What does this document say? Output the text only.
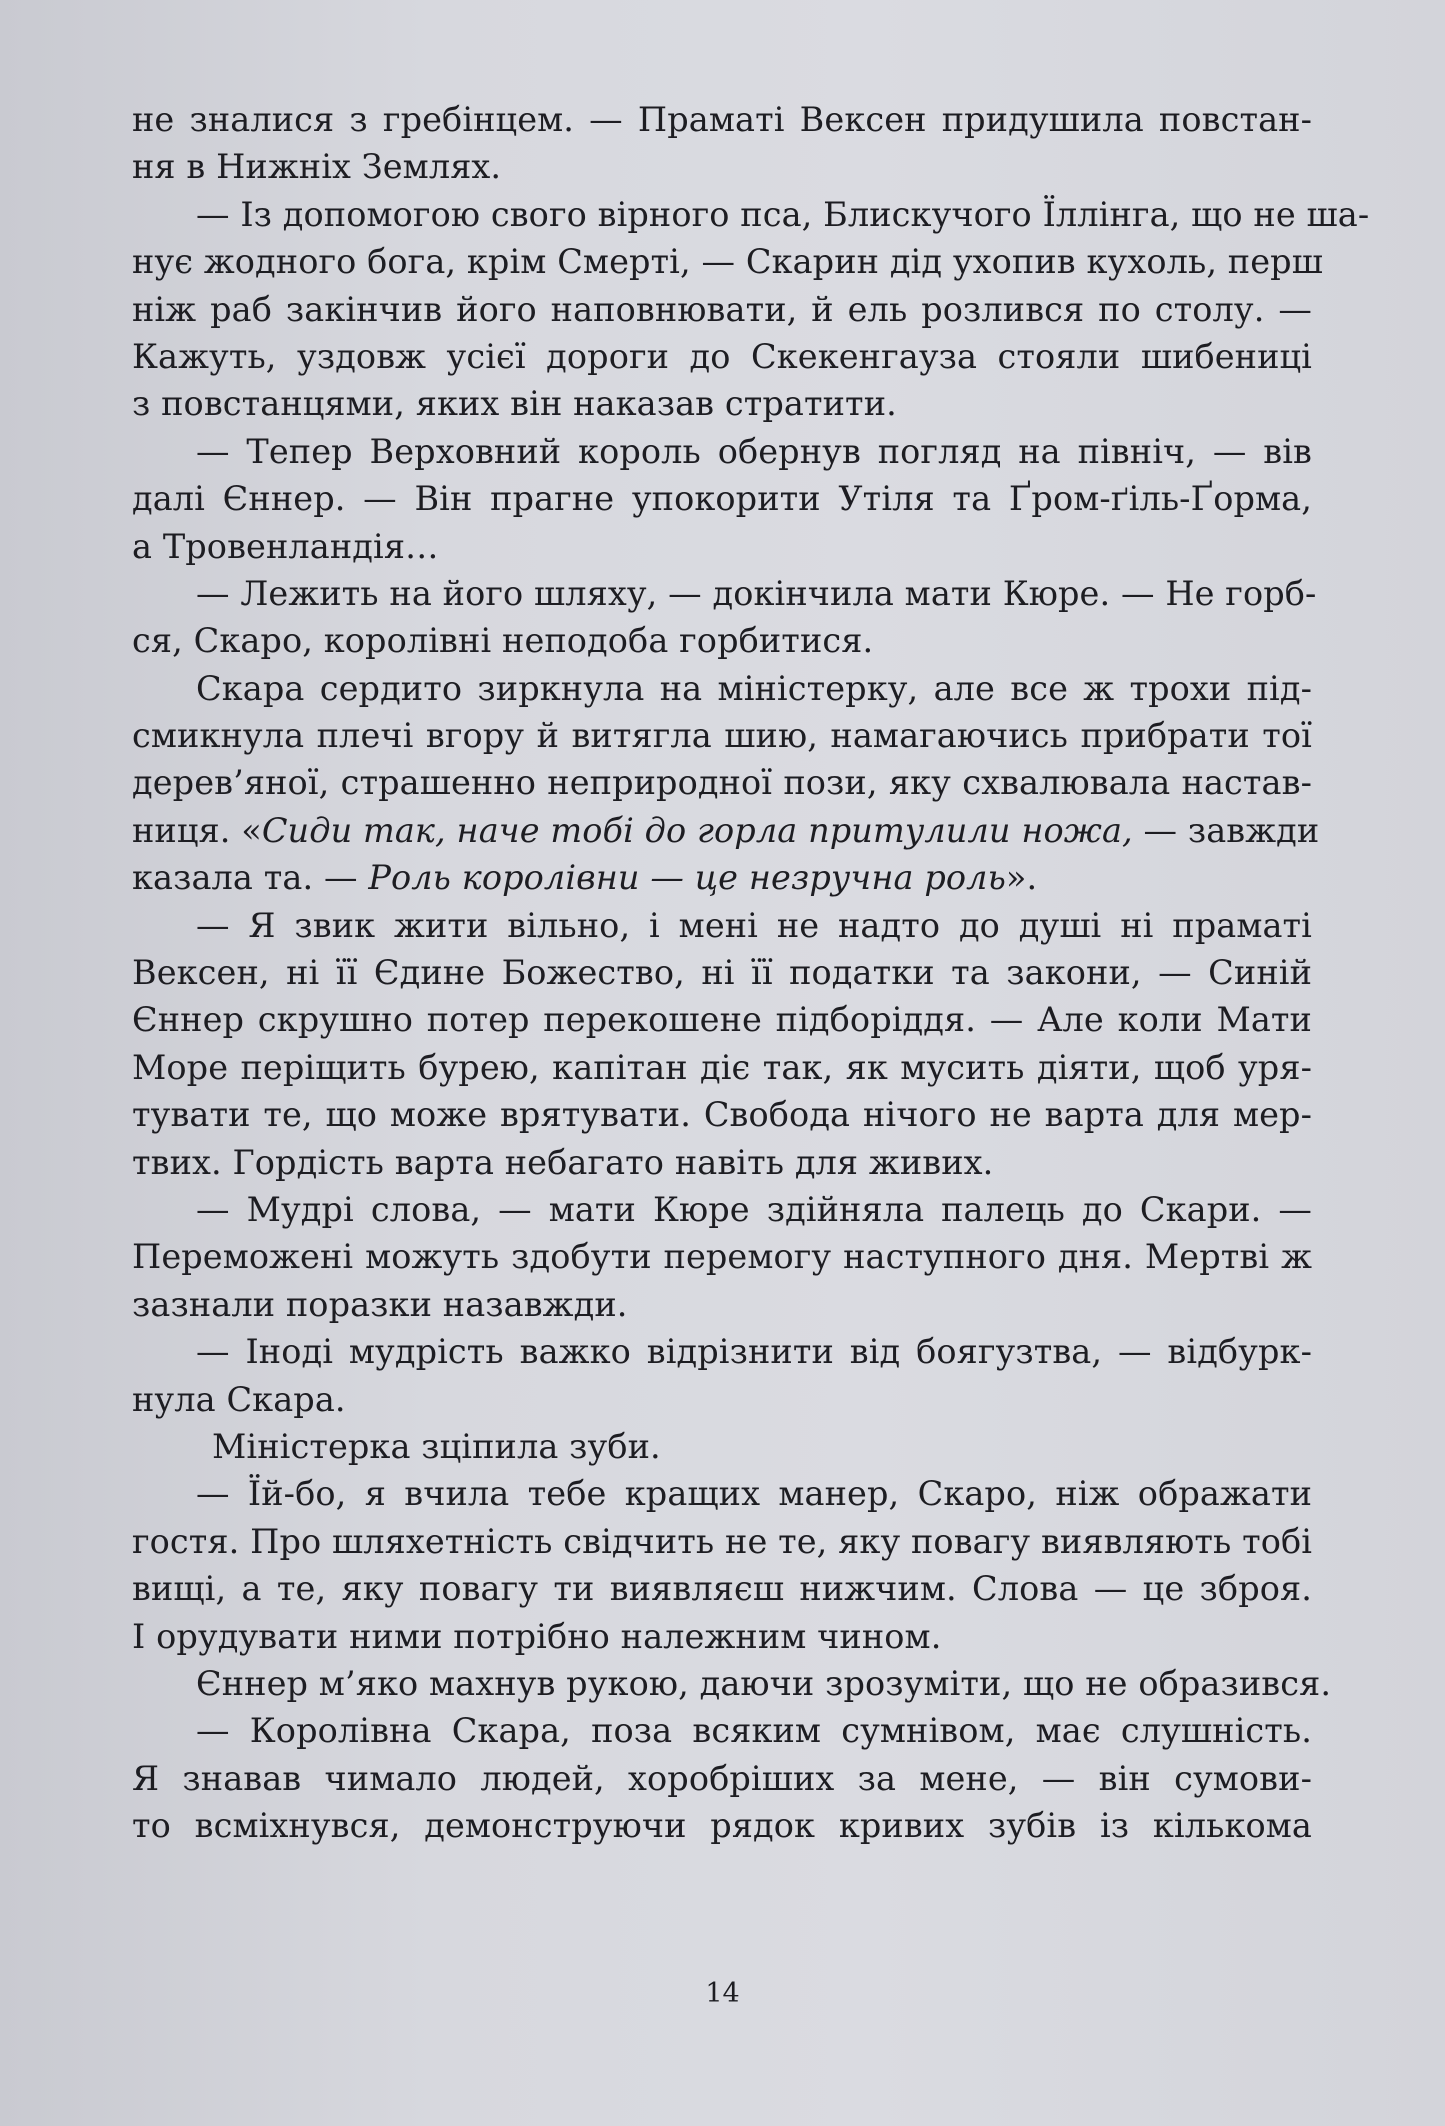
не зналися з гребінцем. — Праматі Вексен придушила повстан-
ня в Нижніх Землях.
— Із допомогою свого вірного пса, Блискучого Їллінга, що не ша-
нує жодного бога, крім Смерті, — Скарин дід ухопив кухоль, перш
ніж раб закінчив його наповнювати, й ель розлився по столу. —
Кажуть, уздовж усієї дороги до Скекенгауза стояли шибениці
з повстанцями, яких він наказав стратити.
— Тепер Верховний король обернув погляд на північ, — вів
далі Єннер. — Він прагне упокорити Утіля та Ґром-ґіль-Ґорма,
а Тровенландія…
— Лежить на його шляху, — докінчила мати Кюре. — Не горб-
ся, Скаро, королівні неподоба горбитися.
Скара сердито зиркнула на міністерку, але все ж трохи під-
смикнула плечі вгору й витягла шию, намагаючись прибрати тої
дерев’яної, страшенно неприродної пози, яку схвалювала настав-
ниця. «Сиди так, наче тобі до горла притулили ножа, — завжди
казала та. — Роль королівни — це незручна роль».
— Я звик жити вільно, і мені не надто до душі ні праматі
Вексен, ні її Єдине Божество, ні її податки та закони, — Синій
Єннер скрушно потер перекошене підборіддя. — Але коли Мати
Море періщить бурею, капітан діє так, як мусить діяти, щоб уря-
тувати те, що може врятувати. Свобода нічого не варта для мер-
твих. Гордість варта небагато навіть для живих.
— Мудрі слова, — мати Кюре здійняла палець до Скари. —
Переможені можуть здобути перемогу наступного дня. Мертві ж
зазнали поразки назавжди.
— Іноді мудрість важко відрізнити від боягузтва, — відбурк-
нула Скара.
Міністерка зціпила зуби.
— Їй-бо, я вчила тебе кращих манер, Скаро, ніж ображати
гостя. Про шляхетність свідчить не те, яку повагу виявляють тобі
вищі, а те, яку повагу ти виявляєш нижчим. Слова — це зброя.
І орудувати ними потрібно належним чином.
Єннер м’яко махнув рукою, даючи зрозуміти, що не образився.
— Королівна Скара, поза всяким сумнівом, має слушність.
Я знавав чимало людей, хоробріших за мене, — він сумови-
то всміхнувся, демонструючи рядок кривих зубів із кількома
14
